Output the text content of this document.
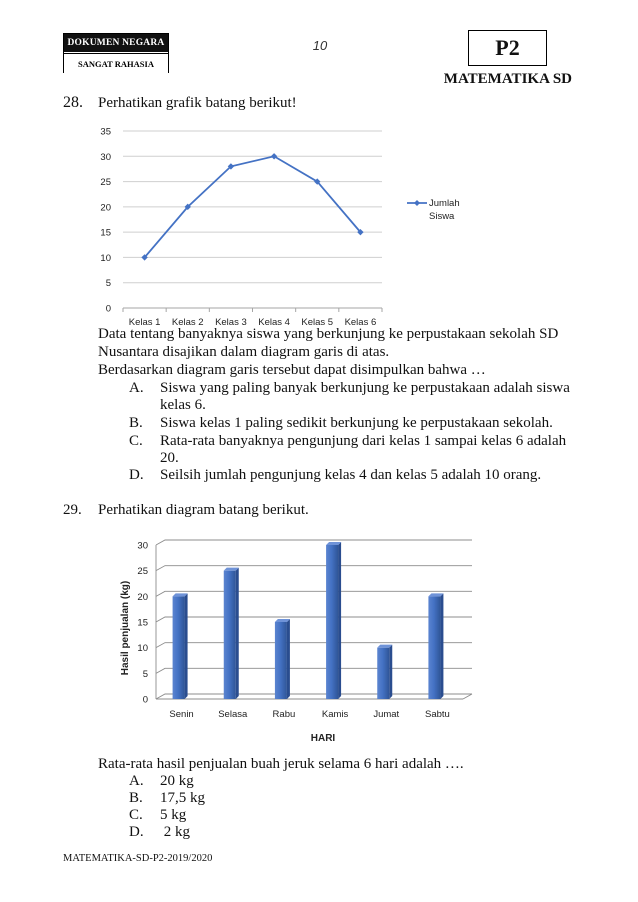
DOKUMEN NEGARA
SANGAT RAHASIA
10	P2
MATEMATIKA SD
28. Perhatikan grafik batang berikut!
0
5
10
15
20
25
30
35
Kelas 1 Kelas 2 Kelas 3 Kelas 4 Kelas 5 Kelas 6
Jumlah
Siswa
Data tentang banyaknya siswa yang berkunjung ke perpustakaan sekolah SD
Nusantara disajikan dalam diagram garis di atas.
Berdasarkan diagram garis tersebut dapat disimpulkan bahwa …
A.	Siswa yang paling banyak berkunjung ke perpustakaan adalah siswa
kelas 6.
B.	Siswa kelas 1 paling sedikit berkunjung ke perpustakaan sekolah.
C.	Rata-rata banyaknya pengunjung dari kelas 1 sampai kelas 6 adalah
20.
D.	Seilsih jumlah pengunjung kelas 4 dan kelas 5 adalah 10 orang.
29. Perhatikan diagram batang berikut.
0
5
10
15
20
25
30
Senin	Selasa	Rabu	Kamis	Jumat	Sabtu
HARI
Hasil penjualan (kg)
Rata-rata hasil penjualan buah jeruk selama 6 hari adalah ….
A.	20 kg
B.	17,5 kg
C.	5 kg
D.	2 kg
MATEMATIKA-SD-P2-2019/2020
